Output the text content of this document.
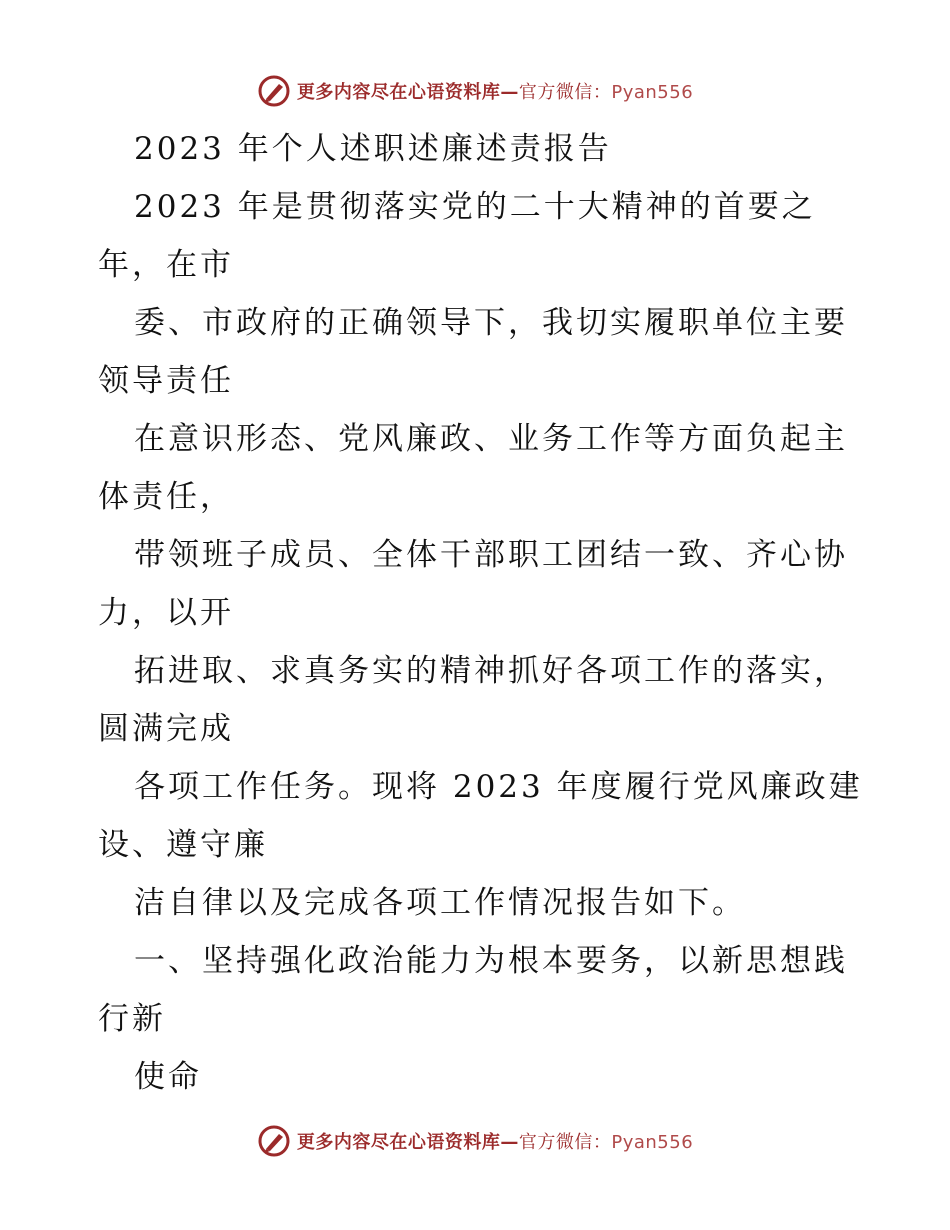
更多内容尽在心语资料库—官方微信：Pyan556
2023 年个人述职述廉述责报告
2023 年是贯彻落实党的二十大精神的首要之
年，在市
委、市政府的正确领导下，我切实履职单位主要
领导责任
在意识形态、党风廉政、业务工作等方面负起主
体责任，
带领班子成员、全体干部职工团结一致、齐心协
力，以开
拓进取、求真务实的精神抓好各项工作的落实，
圆满完成
各项工作任务。现将 2023 年度履行党风廉政建
设、遵守廉
洁自律以及完成各项工作情况报告如下。
一、坚持强化政治能力为根本要务，以新思想践
行新
使命
更多内容尽在心语资料库—官方微信：Pyan556
